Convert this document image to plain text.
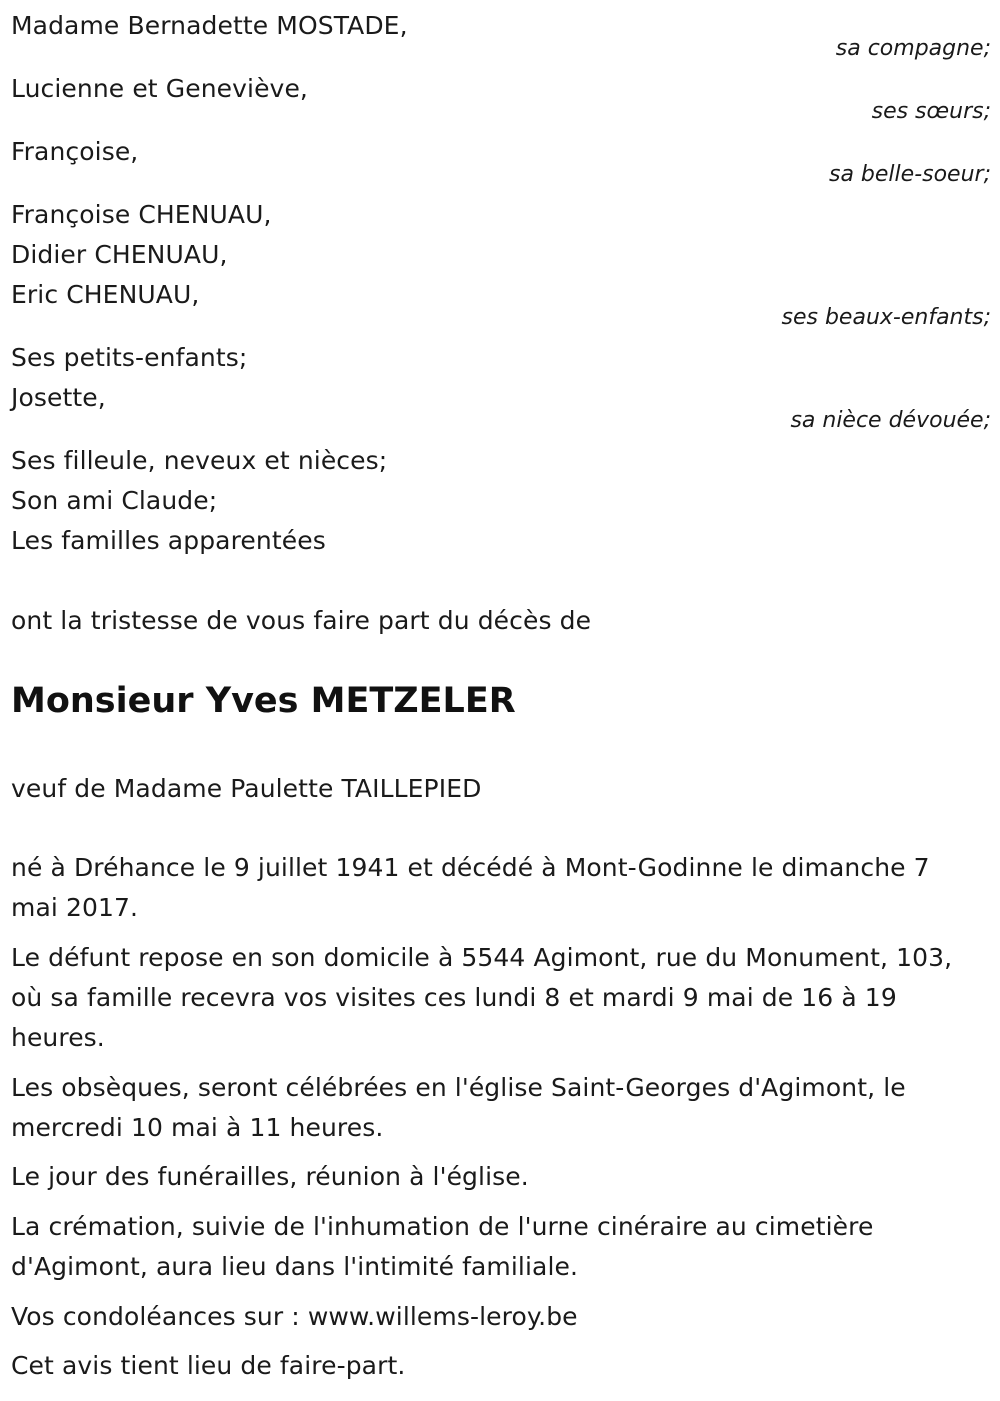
Madame Bernadette MOSTADE,
sa compagne;
Lucienne et Geneviève,
ses sœurs;
Françoise,
sa belle-soeur;
Françoise CHENUAU,
Didier CHENUAU,
Eric CHENUAU,
ses beaux-enfants;
Ses petits-enfants;
Josette,
sa nièce dévouée;
Ses filleule, neveux et nièces;
Son ami Claude;
Les familles apparentées
ont la tristesse de vous faire part du décès de
Monsieur Yves METZELER
veuf de Madame Paulette TAILLEPIED
né à Dréhance le 9 juillet 1941 et décédé à Mont-Godinne le dimanche 7 mai 2017.
Le défunt repose en son domicile à 5544 Agimont, rue du Monument, 103, où sa famille recevra vos visites ces lundi 8 et mardi 9 mai de 16 à 19 heures.
Les obsèques, seront célébrées en l'église Saint-Georges d'Agimont, le mercredi 10 mai à 11 heures.
Le jour des funérailles, réunion à l'église.
La crémation, suivie de l'inhumation de l'urne cinéraire au cimetière d'Agimont, aura lieu dans l'intimité familiale.
Vos condoléances sur : www.willems-leroy.be
Cet avis tient lieu de faire-part.
